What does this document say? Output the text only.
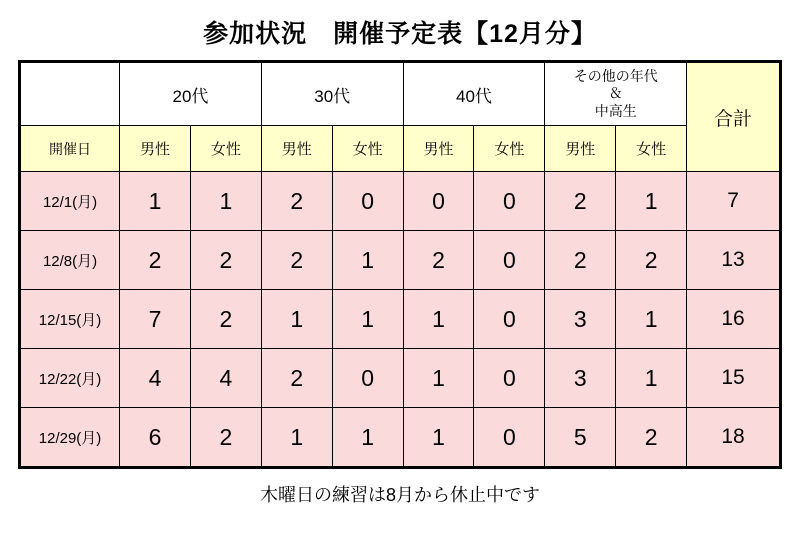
参加状況　開催予定表【12月分】
	20代		30代		40代		その他の年代
＆
中高生		合計
開催日	男性	女性	男性	女性	男性	女性	男性	女性	
12/1(月)	1	1	2	0	0	0	2	1	7
12/8(月)	2	2	2	1	2	0	2	2	13
12/15(月)	7	2	1	1	1	0	3	1	16
12/22(月)	4	4	2	0	1	0	3	1	15
12/29(月)	6	2	1	1	1	0	5	2	18
木曜日の練習は8月から休止中です
